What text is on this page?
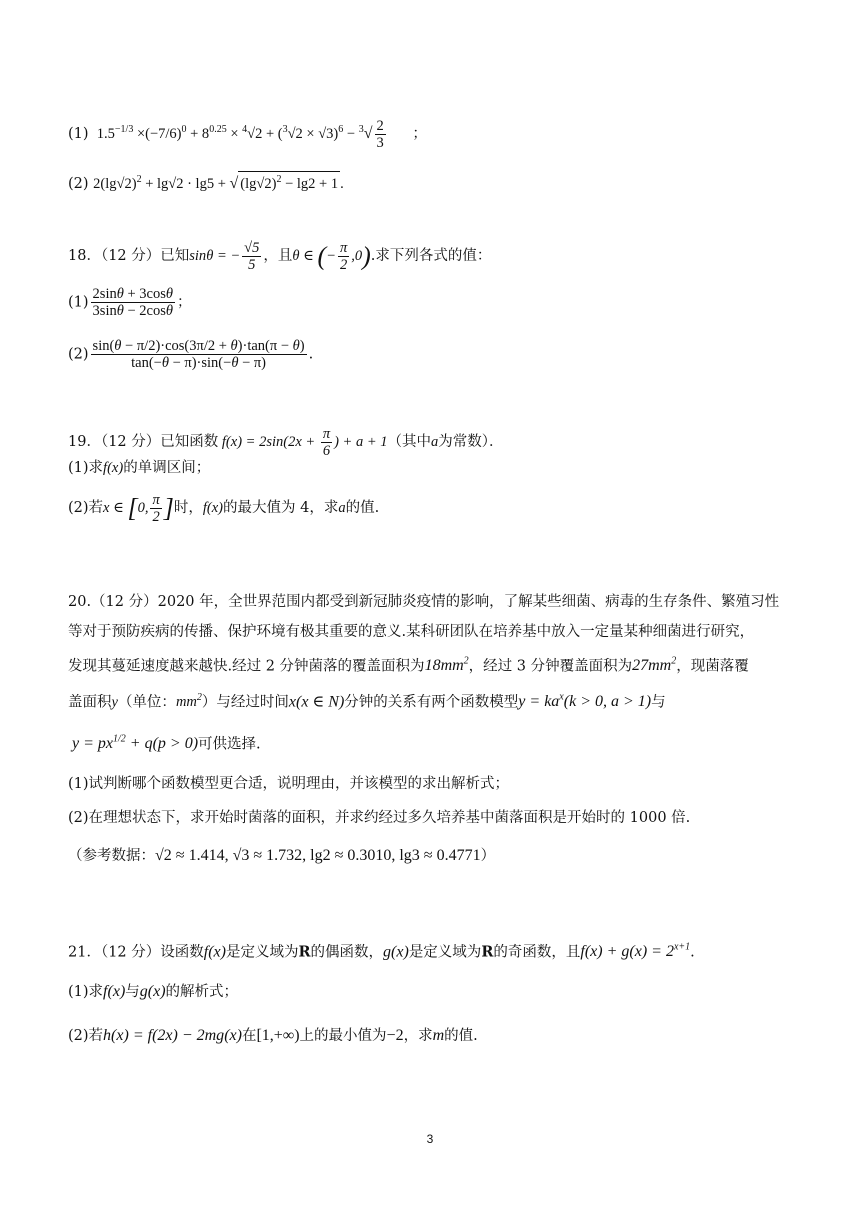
(1)  $1.5^{-1/3} \times(-7/6)^0 + 8^{0.25} \times ^4√2 + (^3√2 \times √3)^6 - ^3√ \frac{2}{3}$ ；
(2) $2(\lg√2)^2 + \lg√2 \cdot \lg 5$ + √ $(\lg√2)^2 - \lg 2 + 1$ .
18．（12 分）已知sinθ = − $\frac{√5}{5}$ ，且θ ∈ (− $\frac{\pi}{2} ,0$).求下列各式的值：
$(1) \frac{2\sin\theta + 3\cos\theta}{3\sin\theta - 2\cos\theta}$ ；
$(2) \frac{\sin(\theta - \pi/2)\cdot\cos(3\pi/2 + \theta)\cdot\tan(\pi - \theta)}{\tan(-\theta - \pi)\cdot\sin(-\theta - \pi)}$ .
19．（12 分）已知函数 $f(x) = 2\sin(2x + \frac{\pi}{6}$ ) + a + 1（其中a为常数）．
(1)求f(x)的单调区间；
(2)若x ∈ [0, $\frac{\pi}{2}$ ]时，f(x)的最大值为 4，求a的值.
20.（12 分）2020 年，全世界范围内都受到新冠肺炎疫情的影响，了解某些细菌、病毒的生存条件、繁殖习性
等对于预防疾病的传播、保护环境有极其重要的意义.某科研团队在培养基中放入一定量某种细菌进行研究，
发现其蔓延速度越来越快.经过 2 分钟菌落的覆盖面积为$18mm^2$，经过 3 分钟覆盖面积为$27mm^2$，现菌落覆
盖面积y（单位：$mm^2$）与经过时间x(x ∈ N)分钟的关系有两个函数模型$y = ka^x(k > 0$, a > 1)与
$y = px^{1/2} + q(p > 0)$可供选择.
(1)试判断哪个函数模型更合适，说明理由，并该模型的求出解析式；
(2)在理想状态下，求开始时菌落的面积，并求约经过多久培养基中菌落面积是开始时的 1000 倍.
（参考数据：√2 ≈ 1.414, √3 ≈ 1.732, lg2 ≈ 0.3010, lg3 ≈ 0.4771）
21．（12 分）设函数f(x)是定义域为R的偶函数，g(x)是定义域为R的奇函数，且$f(x) + g(x) = 2^{x+1}$.
(1)求f(x)与g(x)的解析式；
(2)若h(x) = f(2x) − 2mg(x)在[1,+∞)上的最小值为−2，求m的值.
3
